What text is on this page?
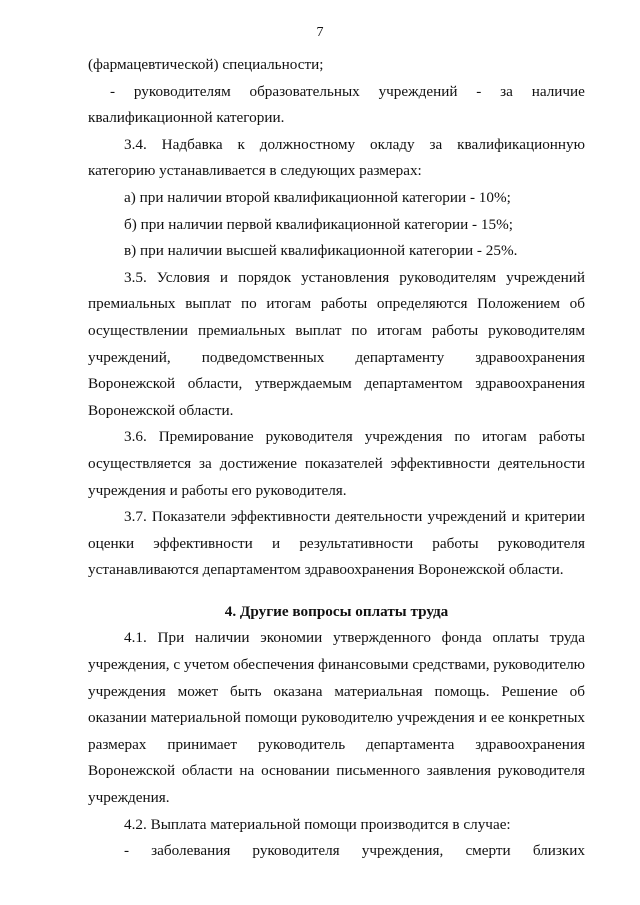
7

(фармацевтической) специальности;

- руководителям образовательных учреждений - за наличие

квалификационной категории.

3.4. Надбавка к должностному окладу за квалификационную категорию устанавливается в следующих размерах:

а) при наличии второй квалификационной категории - 10%;

б) при наличии первой квалификационной категории - 15%;

в) при наличии высшей квалификационной категории - 25%.

3.5. Условия и порядок установления руководителям учреждений премиальных выплат по итогам работы определяются Положением об осуществлении премиальных выплат по итогам работы руководителям учреждений, подведомственных департаменту здравоохранения Воронежской области, утверждаемым департаментом здравоохранения Воронежской области.

3.6. Премирование руководителя учреждения по итогам работы осуществляется за достижение показателей эффективности деятельности учреждения и работы его руководителя.

3.7. Показатели эффективности деятельности учреждений и критерии оценки эффективности и результативности работы руководителя устанавливаются департаментом здравоохранения Воронежской области.

4. Другие вопросы оплаты труда

4.1. При наличии экономии утвержденного фонда оплаты труда учреждения, с учетом обеспечения финансовыми средствами, руководителю учреждения может быть оказана материальная помощь. Решение об оказании материальной помощи руководителю учреждения и ее конкретных размерах принимает руководитель департамента здравоохранения Воронежской области на основании письменного заявления руководителя учреждения.

4.2. Выплата материальной помощи производится в случае:

- заболевания руководителя учреждения, смерти близких
